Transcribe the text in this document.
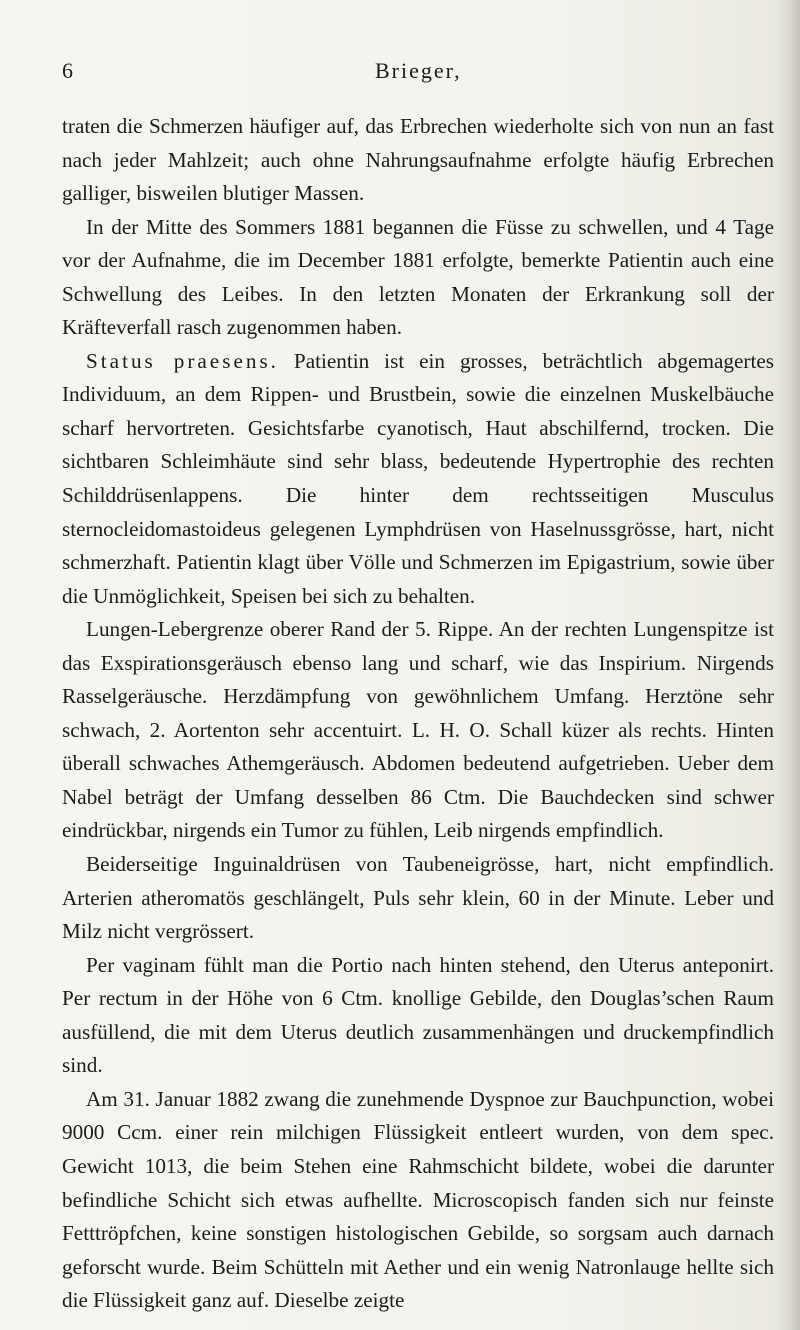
6	Brieger,

traten die Schmerzen häufiger auf, das Erbrechen wiederholte sich von nun an fast nach jeder Mahlzeit; auch ohne Nahrungsaufnahme erfolgte häufig Erbrechen galliger, bisweilen blutiger Massen.

In der Mitte des Sommers 1881 begannen die Füsse zu schwellen, und 4 Tage vor der Aufnahme, die im December 1881 erfolgte, bemerkte Patientin auch eine Schwellung des Leibes. In den letzten Monaten der Erkrankung soll der Kräfteverfall rasch zugenommen haben.

Status praesens. Patientin ist ein grosses, beträchtlich abgemagertes Individuum, an dem Rippen- und Brustbein, sowie die einzelnen Muskelbäuche scharf hervortreten. Gesichtsfarbe cyanotisch, Haut abschilfernd, trocken. Die sichtbaren Schleimhäute sind sehr blass, bedeutende Hypertrophie des rechten Schilddrüsenlappens. Die hinter dem rechtsseitigen Musculus sternocleidomastoideus gelegenen Lymphdrüsen von Haselnussgrösse, hart, nicht schmerzhaft. Patientin klagt über Völle und Schmerzen im Epigastrium, sowie über die Unmöglichkeit, Speisen bei sich zu behalten.

Lungen-Lebergrenze oberer Rand der 5. Rippe. An der rechten Lungenspitze ist das Exspirationsgeräusch ebenso lang und scharf, wie das Inspirium. Nirgends Rasselgeräusche. Herzdämpfung von gewöhnlichem Umfang. Herztöne sehr schwach, 2. Aortenton sehr accentuirt. L. H. O. Schall küzer als rechts. Hinten überall schwaches Athemgeräusch. Abdomen bedeutend aufgetrieben. Ueber dem Nabel beträgt der Umfang desselben 86 Ctm. Die Bauchdecken sind schwer eindrückbar, nirgends ein Tumor zu fühlen, Leib nirgends empfindlich.

Beiderseitige Inguinaldrüsen von Taubeneigrösse, hart, nicht empfindlich. Arterien atheromatös geschlängelt, Puls sehr klein, 60 in der Minute. Leber und Milz nicht vergrössert.

Per vaginam fühlt man die Portio nach hinten stehend, den Uterus anteponirt. Per rectum in der Höhe von 6 Ctm. knollige Gebilde, den Douglas’schen Raum ausfüllend, die mit dem Uterus deutlich zusammenhängen und druckempfindlich sind.

Am 31. Januar 1882 zwang die zunehmende Dyspnoe zur Bauchpunction, wobei 9000 Ccm. einer rein milchigen Flüssigkeit entleert wurden, von dem spec. Gewicht 1013, die beim Stehen eine Rahmschicht bildete, wobei die darunter befindliche Schicht sich etwas aufhellte. Microscopisch fanden sich nur feinste Fetttröpfchen, keine sonstigen histologischen Gebilde, so sorgsam auch darnach geforscht wurde. Beim Schütteln mit Aether und ein wenig Natronlauge hellte sich die Flüssigkeit ganz auf. Dieselbe zeigte
